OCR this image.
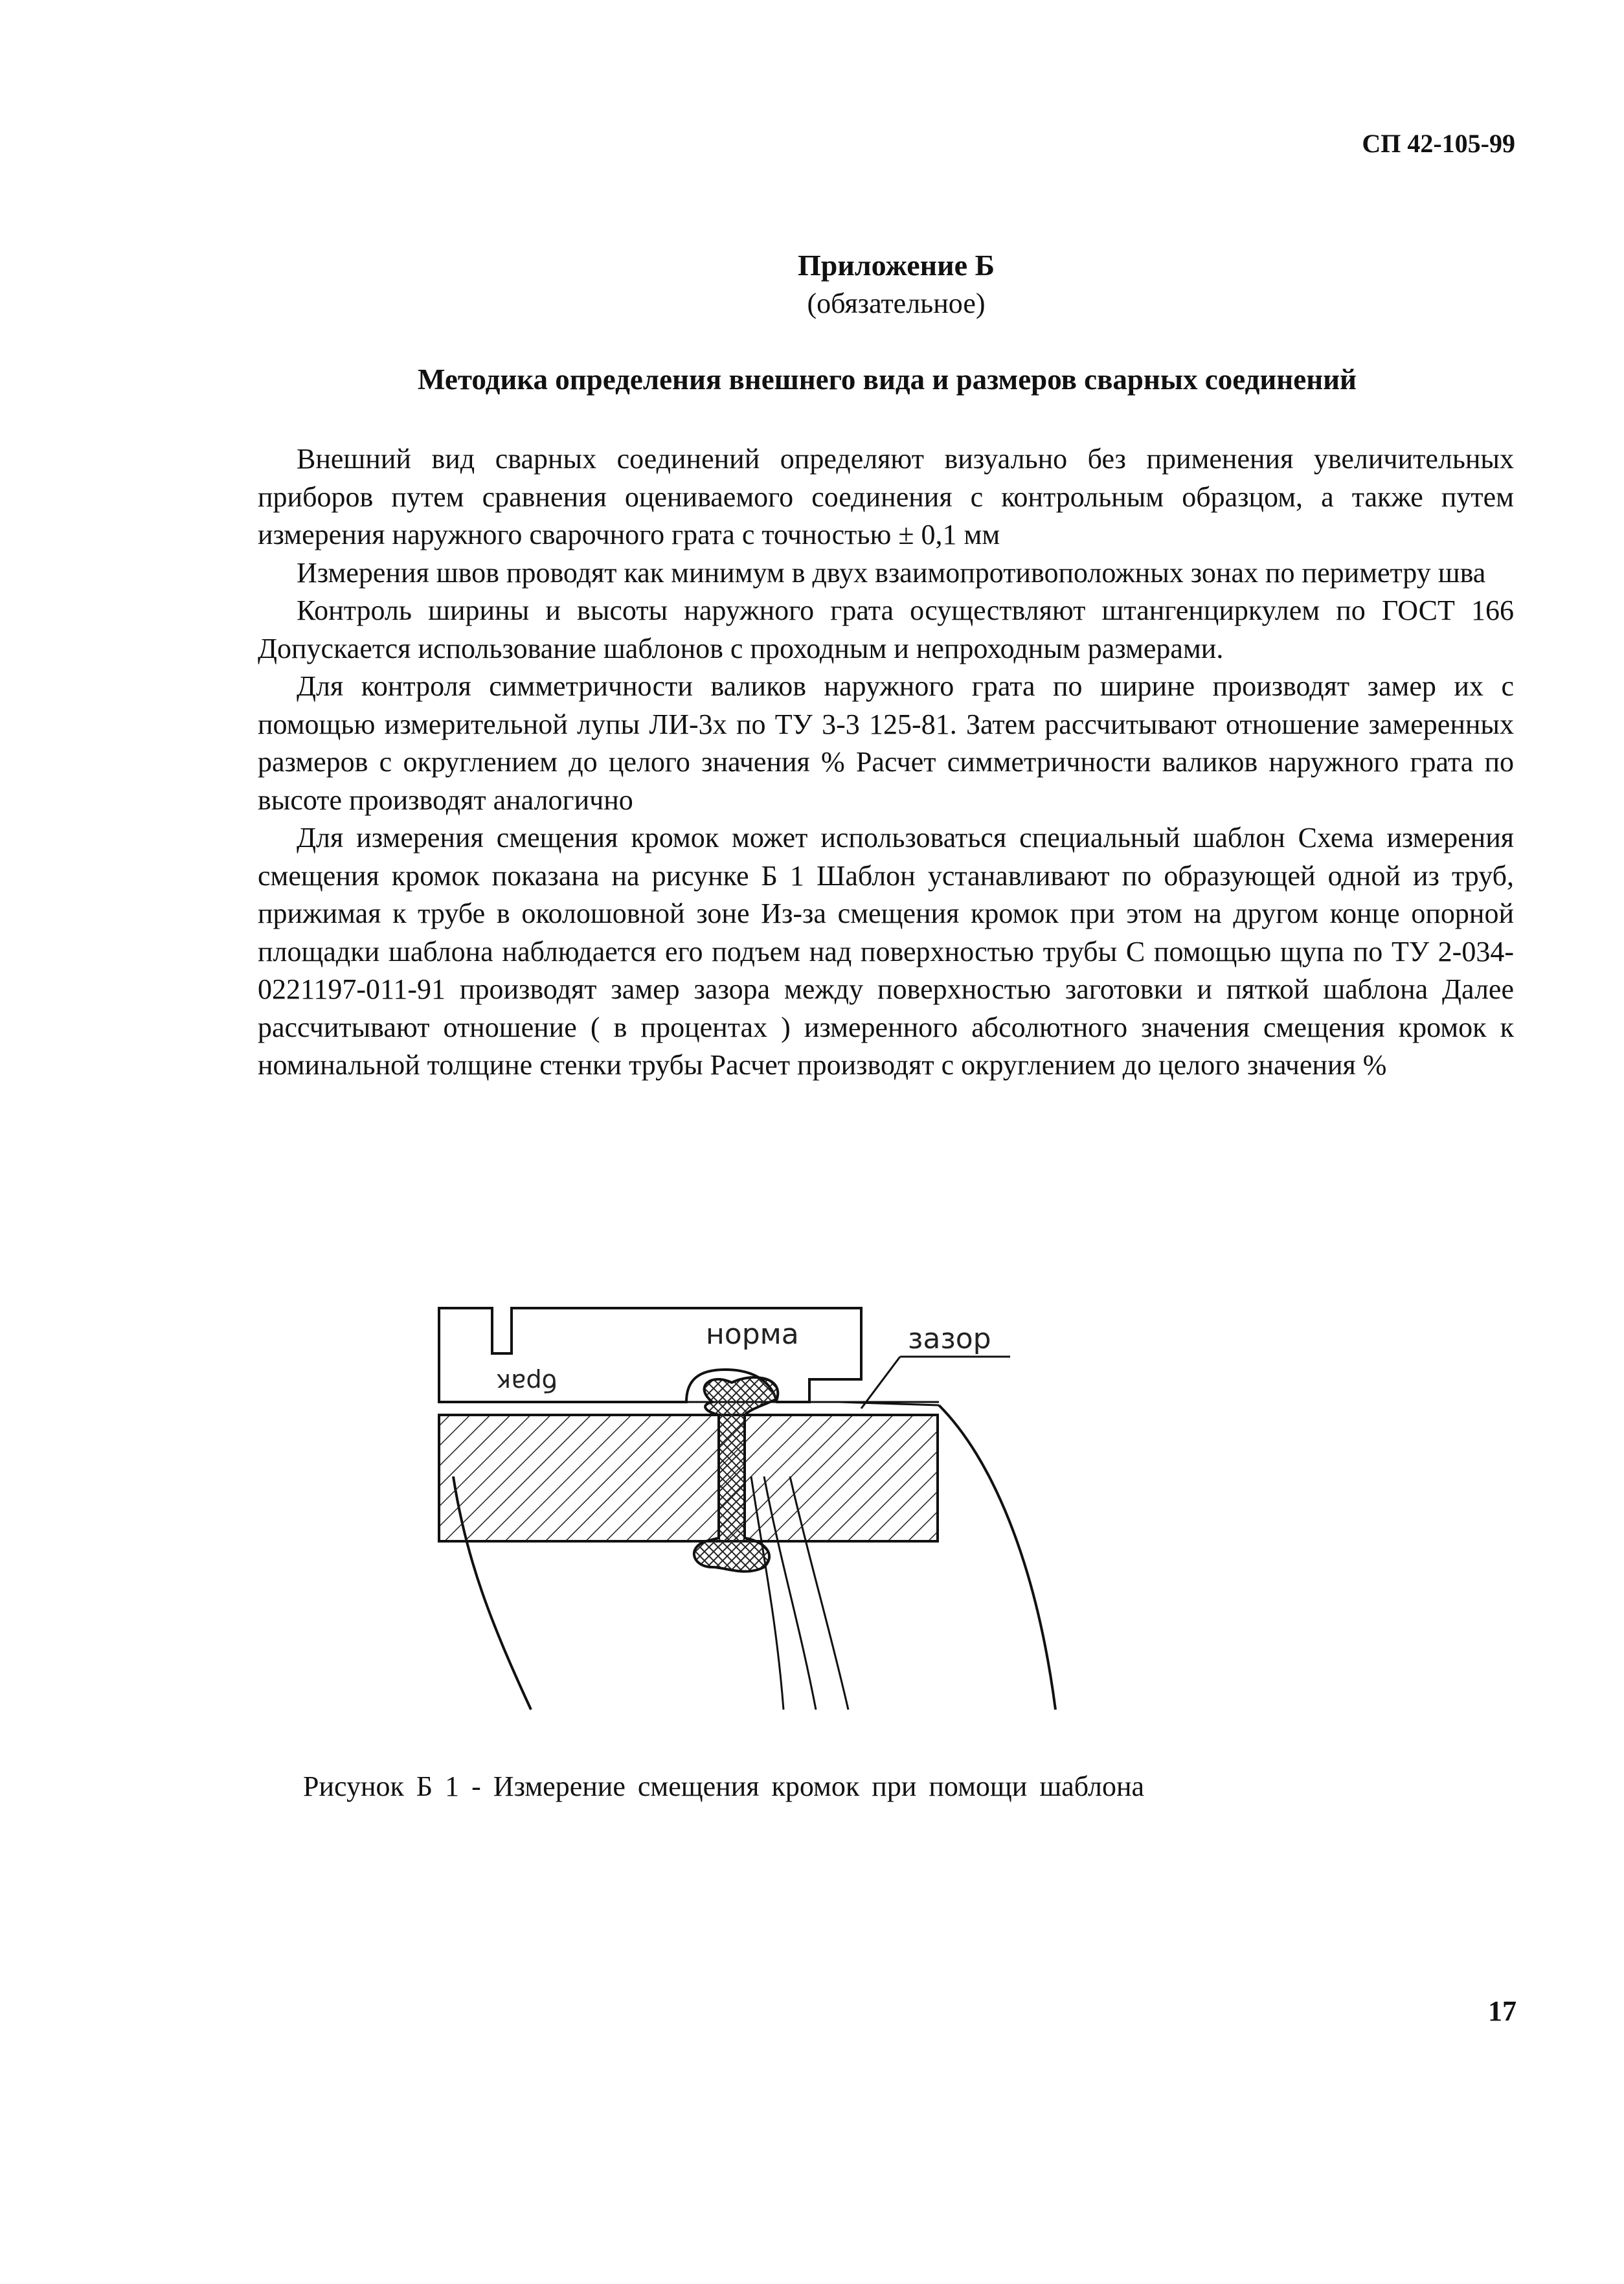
СП 42-105-99
Приложение Б
(обязательное)
Методика определения внешнего вида и размеров сварных соединений

Внешний вид сварных соединений определяют визуально без применения увеличительных приборов путем сравнения оцениваемого соединения с контрольным образцом, а также путем измерения наружного сварочного грата с точностью ± 0,1 мм

Измерения швов проводят как минимум в двух взаимопротивоположных зонах по периметру шва

Контроль ширины и высоты наружного грата осуществляют штангенциркулем по ГОСТ 166 Допускается использование шаблонов с проходным и непроходным размерами.

Для контроля симметричности валиков наружного грата по ширине производят замер их с помощью измерительной лупы ЛИ-3х по ТУ 3-3 125-81. Затем рассчитывают отношение замеренных размеров с округлением до целого значения % Расчет симметричности валиков наружного грата по высоте производят аналогично

Для измерения смещения кромок может использоваться специальный шаблон Схема измерения смещения кромок показана на рисунке Б 1 Шаблон устанавливают по образующей одной из труб, прижимая к трубе в околошовной зоне Из-за смещения кромок при этом на другом конце опорной площадки шаблона наблюдается его подъем над поверхностью трубы С помощью щупа по ТУ 2-034-0221197-011-91 производят замер зазора между поверхностью заготовки и пяткой шаблона Далее рассчитывают отношение ( в процентах ) измеренного абсолютного значения смещения кромок к номинальной толщине стенки трубы Расчет производят с округлением до целого значения %

норма
брак
зазор
Рисунок Б 1 - Измерение смещения кромок при помощи шаблона
17
